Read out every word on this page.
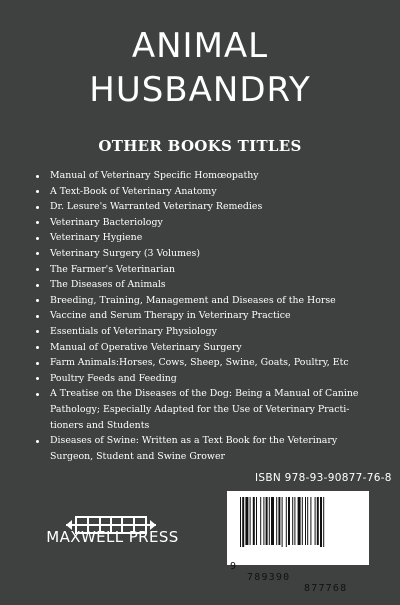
ANIMAL
HUSBANDRY
OTHER BOOKS TITLES
Manual of Veterinary Specific Homœopathy
A Text-Book of Veterinary Anatomy
Dr. Lesure's Warranted Veterinary Remedies
Veterinary Bacteriology
Veterinary Hygiene
Veterinary Surgery (3 Volumes)
The Farmer's Veterinarian
The Diseases of Animals
Breeding, Training, Management and Diseases of the Horse
Vaccine and Serum Therapy in Veterinary Practice
Essentials of Veterinary Physiology
Manual of Operative Veterinary Surgery
Farm Animals:Horses, Cows, Sheep, Swine, Goats, Poultry, Etc
Poultry Feeds and Feeding
A Treatise on the Diseases of the Dog: Being a Manual of Canine Pathology; Especially Adapted for the Use of Veterinary Practi-tioners and Students
Diseases of Swine: Written as a Text Book for the Veterinary Surgeon, Student and Swine Grower
ISBN 978-93-90877-76-8

9

789390

877768

MAXWELL PRESS
